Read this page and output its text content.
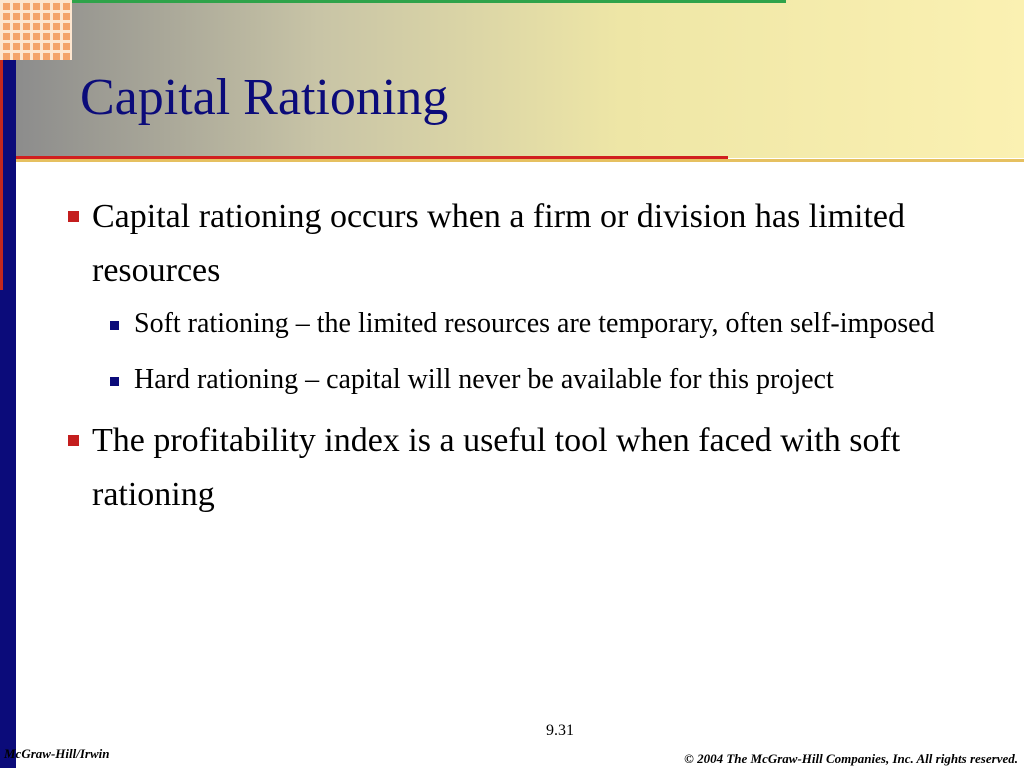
Capital Rationing
Capital rationing occurs when a firm or division has limited resources
Soft rationing – the limited resources are temporary, often self-imposed
Hard rationing – capital will never be available for this project
The profitability index is a useful tool when faced with soft rationing
9.31
McGraw-Hill/Irwin	© 2004 The McGraw-Hill Companies, Inc. All rights reserved.
